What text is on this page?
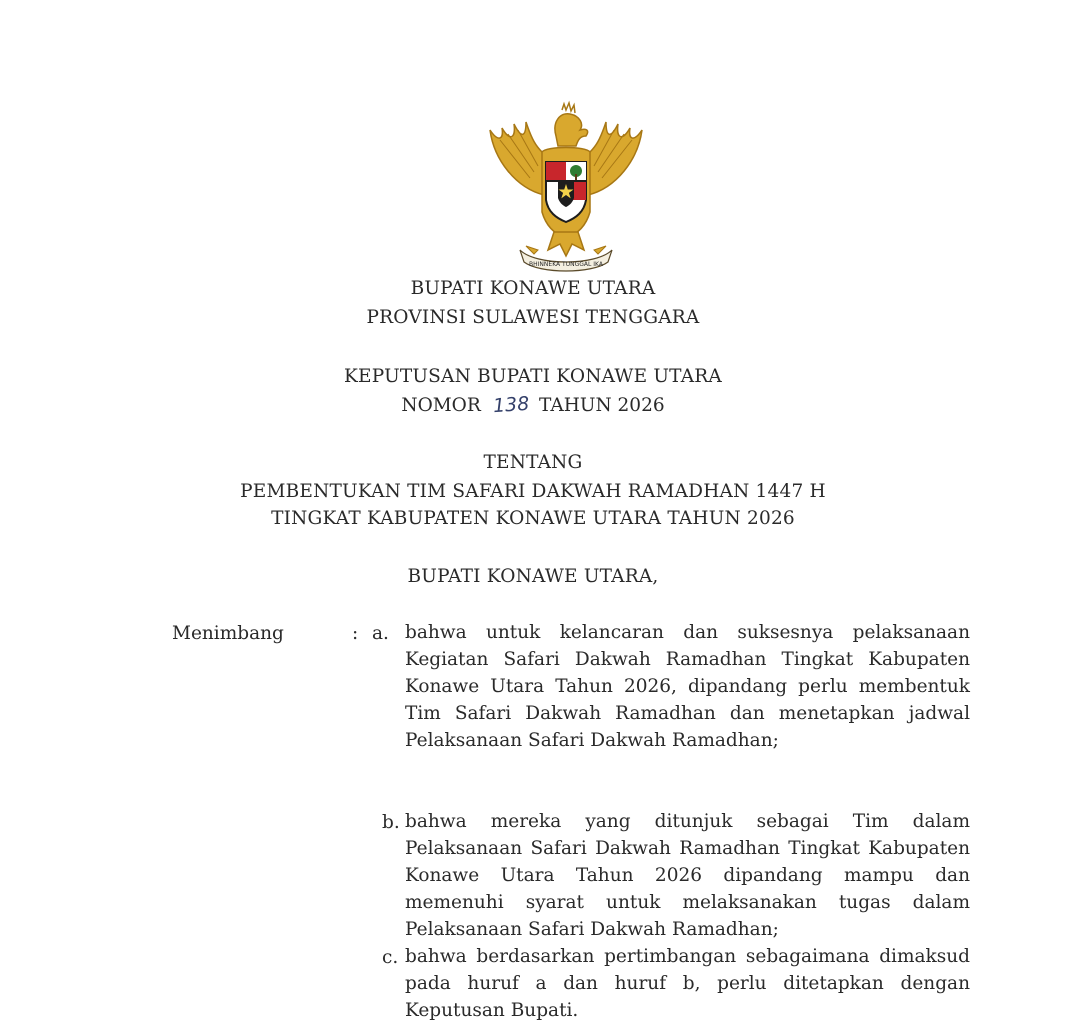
BHINNEKA TUNGGAL IKA
BUPATI KONAWE UTARA
PROVINSI SULAWESI TENGGARA
KEPUTUSAN BUPATI KONAWE UTARA
NOMOR 138 TAHUN 2026
TENTANG
PEMBENTUKAN TIM SAFARI DAKWAH RAMADHAN 1447 H
TINGKAT KABUPATEN KONAWE UTARA TAHUN 2026
BUPATI KONAWE UTARA,
Menimbang	: a. bahwa untuk kelancaran dan suksesnya pelaksanaan Kegiatan Safari Dakwah Ramadhan Tingkat Kabupaten Konawe Utara Tahun 2026, dipandang perlu membentuk Tim Safari Dakwah Ramadhan dan menetapkan jadwal Pelaksanaan Safari Dakwah Ramadhan;

b. bahwa mereka yang ditunjuk sebagai Tim dalam Pelaksanaan Safari Dakwah Ramadhan Tingkat Kabupaten Konawe Utara Tahun 2026 dipandang mampu dan memenuhi syarat untuk melaksanakan tugas dalam Pelaksanaan Safari Dakwah Ramadhan;

c. bahwa berdasarkan pertimbangan sebagaimana dimaksud pada huruf a dan huruf b, perlu ditetapkan dengan Keputusan Bupati.
